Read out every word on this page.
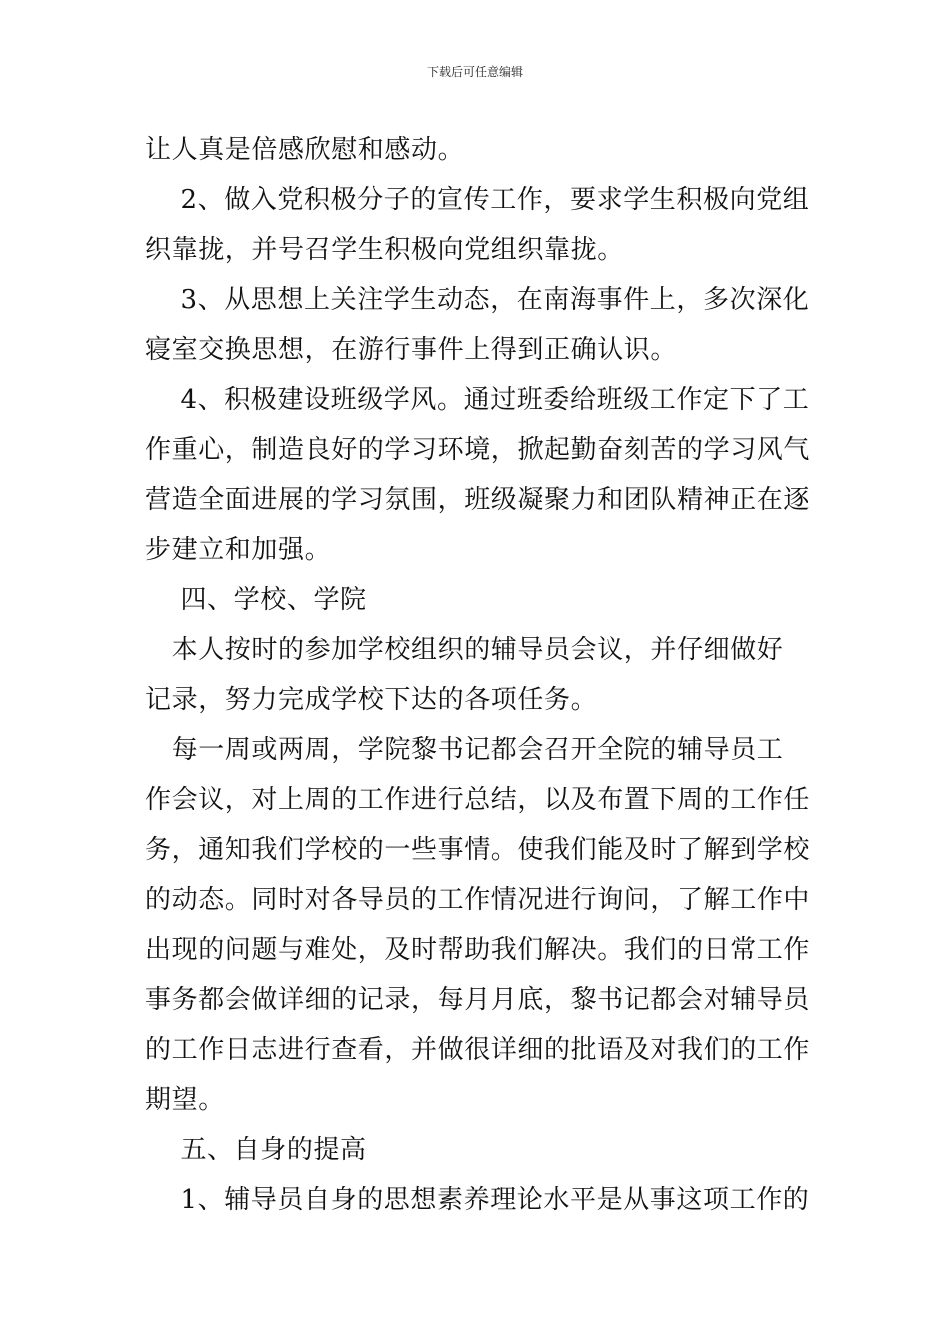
下载后可任意编辑
让人真是倍感欣慰和感动。
2、做入党积极分子的宣传工作，要求学生积极向党组
织靠拢，并号召学生积极向党组织靠拢。
3、从思想上关注学生动态，在南海事件上，多次深化
寝室交换思想，在游行事件上得到正确认识。
4、积极建设班级学风。通过班委给班级工作定下了工
作重心，制造良好的学习环境，掀起勤奋刻苦的学习风气
营造全面进展的学习氛围，班级凝聚力和团队精神正在逐
步建立和加强。
四、学校、学院
本人按时的参加学校组织的辅导员会议，并仔细做好
记录，努力完成学校下达的各项任务。
每一周或两周，学院黎书记都会召开全院的辅导员工
作会议，对上周的工作进行总结，以及布置下周的工作任
务，通知我们学校的一些事情。使我们能及时了解到学校
的动态。同时对各导员的工作情况进行询问，了解工作中
出现的问题与难处，及时帮助我们解决。我们的日常工作
事务都会做详细的记录，每月月底，黎书记都会对辅导员
的工作日志进行查看，并做很详细的批语及对我们的工作
期望。
五、自身的提高
1、辅导员自身的思想素养理论水平是从事这项工作的
